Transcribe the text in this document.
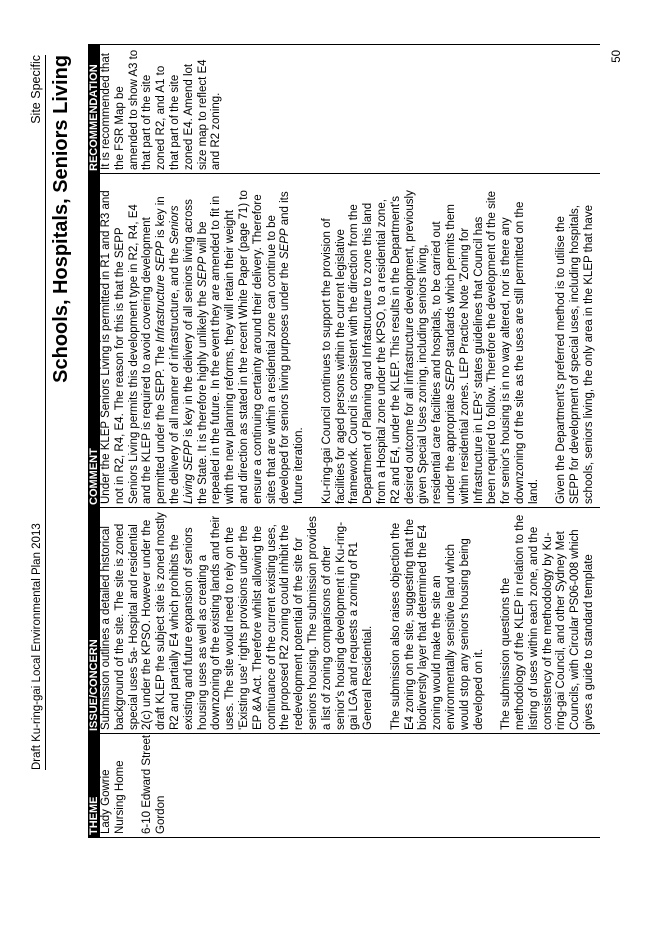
Draft Ku-ring-gai Local Environmental Plan 2013
Site Specific Schools, Hospitals, Seniors Living
THEME
ISSUE/CONCERN
COMMENT
RECOMMENDATION
Lady Gowrie Nursing Home 6-10 Edward Street Gordon
Submission outlines a detailed historical background of the site. The site is zoned special uses 5a- Hospital and residential 2(c) under the KPSO. However under the draft KLEP the subject site is zoned mostly R2 and partially E4 which prohibits the existing and future expansion of seniors housing uses as well as creating a downzoning of the existing lands and their uses. The site would need to rely on the 'Existing use' rights provisions under the EP &A Act. Therefore whilst allowing the continuance of the current existing uses, the proposed R2 zoning could inhibit the redevelopment potential of the site for seniors housing. The submission provides a list of zoning comparisons of other senior's housing development in Ku-ring- gai LGA and requests a zoning of R1 General Residential. The submission also raises objection the E4 zoning on the site, suggesting that the biodiversity layer that determined the E4 zoning would make the site an environmentally sensitive land which would stop any seniors housing being developed on it. The submission questions the methodology of the KLEP in relation to the listing of uses within each zone, and the consistency of the methodology by Ku- ring-gai Council, and other Sydney Met Councils, with Circular PS06-008 which gives a guide to standard template
Under the KLEP Seniors Living is permitted in R1 and R3 and not in R2, R4, E4. The reason for this is that the SEPP Seniors Living permits this development type in R2, R4, E4 and the KLEP is required to avoid covering development permitted under the SEPP. The Infrastructure SEPP is key in
the delivery of all manner of infrastructure, and the Seniors
Living SEPP is key in the delivery of all seniors living across the State. It is therefore highly unlikely the SEPP will be repealed in the future. In the event they are amended to fit in with the new planning reforms, they will retain their weight and direction as stated in the recent White Paper (page 71) to ensure a continuing certainty around their delivery. Therefore sites that are within a residential zone can continue to be developed for seniors living purposes under the SEPP and its
future iteration. Ku-ring-gai Council continues to support the provision of facilities for aged persons within the current legislative framework. Council is consistent with the direction from the Department of Planning and Infrastructure to zone this land from a Hospital zone under the KPSO, to a residential zone, R2 and E4, under the KLEP. This results in the Department's desired outcome for all infrastructure development, previously given Special Uses zoning, including seniors living, residential care facilities and hospitals, to be carried out under the appropriate SEPP standards which permits them within residential zones. LEP Practice Note 'Zoning for Infrastructure in LEPs' states guidelines that Council has been required to follow. Therefore the development of the site for senior's housing is in no way altered, nor is there any downzoning of the site as the uses are still permitted on the land. Given the Department's preferred method is to utilise the SEPP for development of special uses, including hospitals, schools, seniors living, the only area in the KLEP that have
It is recommended that the FSR Map be amended to show A3 to that part of the site zoned R2, and A1 to that part of the site zoned E4. Amend lot size map to reflect E4 and R2 zoning.
50
